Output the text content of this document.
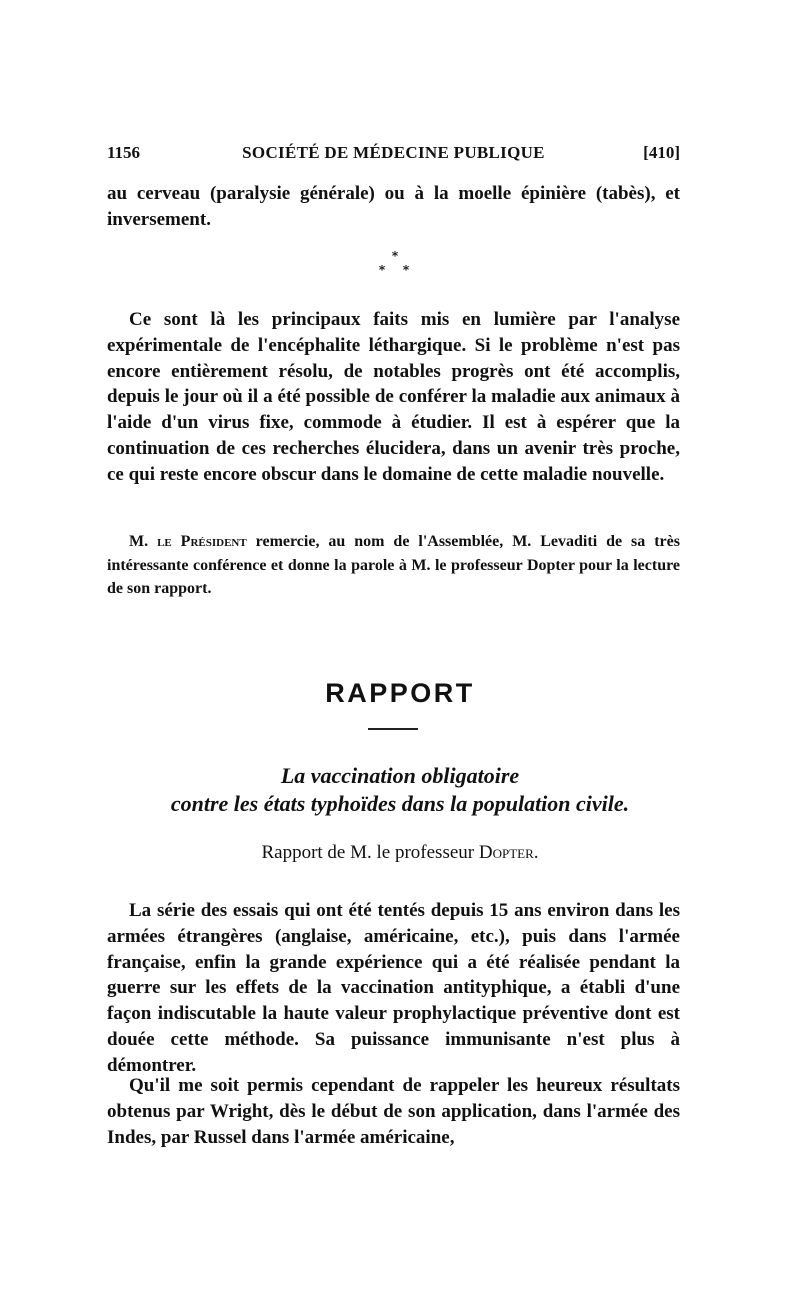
1156	SOCIÉTÉ DE MÉDECINE PUBLIQUE	[410]
au cerveau (paralysie générale) ou à la moelle épinière (tabès), et inversement.
*
* *
Ce sont là les principaux faits mis en lumière par l'analyse expérimentale de l'encéphalite léthargique. Si le problème n'est pas encore entièrement résolu, de notables progrès ont été accomplis, depuis le jour où il a été possible de conférer la maladie aux animaux à l'aide d'un virus fixe, commode à étudier. Il est à espérer que la continuation de ces recherches élucidera, dans un avenir très proche, ce qui reste encore obscur dans le domaine de cette maladie nouvelle.
M. le Président remercie, au nom de l'Assemblée, M. Levaditi de sa très intéressante conférence et donne la parole à M. le professeur Dopter pour la lecture de son rapport.
RAPPORT
La vaccination obligatoire
contre les états typhoïdes dans la population civile.
Rapport de M. le professeur Dopter.
La série des essais qui ont été tentés depuis 15 ans environ dans les armées étrangères (anglaise, américaine, etc.), puis dans l'armée française, enfin la grande expérience qui a été réalisée pendant la guerre sur les effets de la vaccination antityphique, a établi d'une façon indiscutable la haute valeur prophylactique préventive dont est douée cette méthode. Sa puissance immunisante n'est plus à démontrer.
Qu'il me soit permis cependant de rappeler les heureux résultats obtenus par Wright, dès le début de son application, dans l'armée des Indes, par Russel dans l'armée américaine,
